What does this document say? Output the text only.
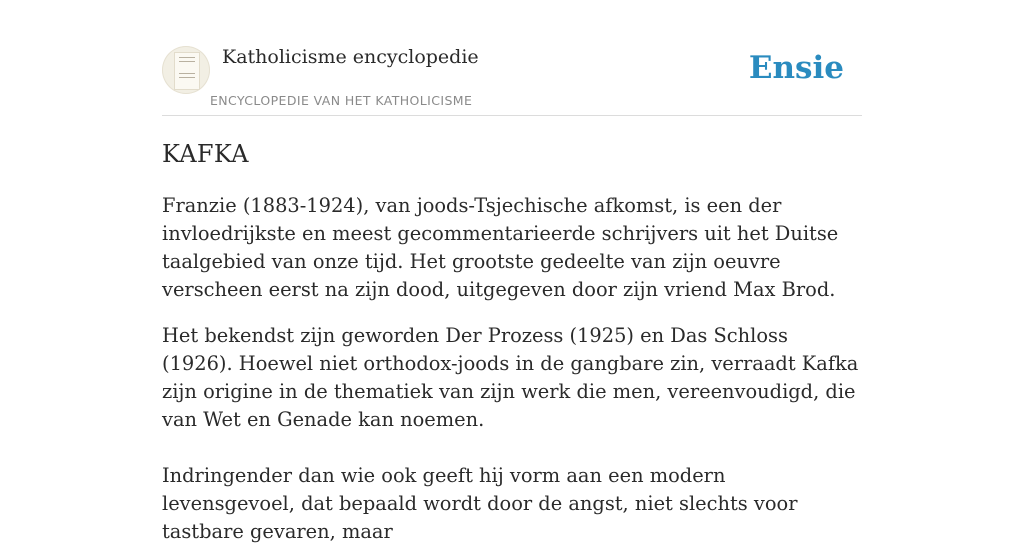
Katholicisme encyclopedie
ENCYCLOPEDIE VAN HET KATHOLICISME
Ensie
KAFKA

Franzie (1883-1924), van joods-Tsjechische afkomst, is een der invloedrijkste en meest gecommentarieerde schrijvers uit het Duitse taalgebied van onze tijd. Het grootste gedeelte van zijn oeuvre verscheen eerst na zijn dood, uitgegeven door zijn vriend Max Brod.

Het bekendst zijn geworden Der Prozess (1925) en Das Schloss (1926). Hoewel niet orthodox-joods in de gangbare zin, verraadt Kafka zijn origine in de thematiek van zijn werk die men, vereenvoudigd, die van Wet en Genade kan noemen.

Indringender dan wie ook geeft hij vorm aan een modern levensgevoel, dat bepaald wordt door de angst, niet slechts voor tastbare gevaren, maar
